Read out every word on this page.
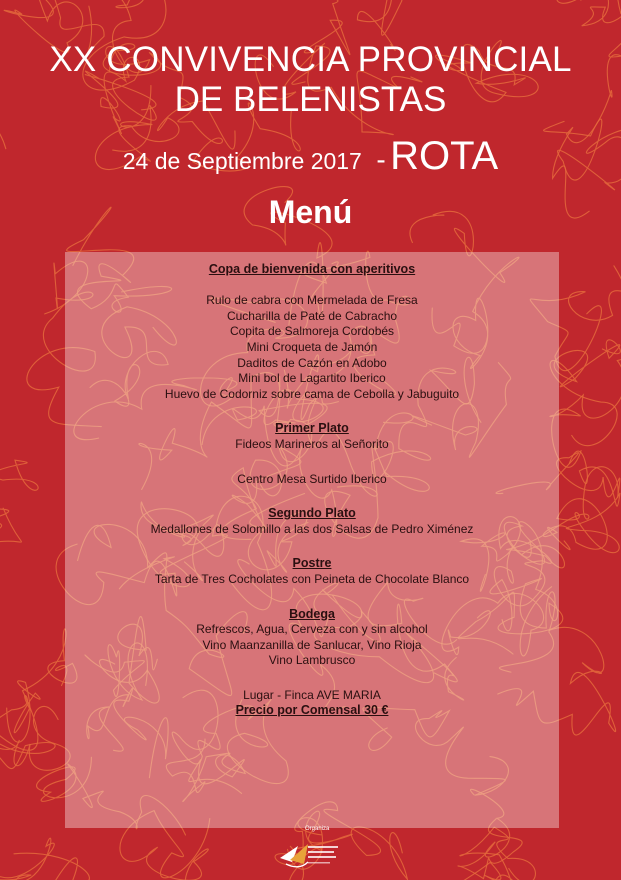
XX CONVIVENCIA PROVINCIAL
DE BELENISTAS
24 de Septiembre 2017 - ROTA
Menú
Copa de bienvenida con aperitivos
Rulo de cabra con Mermelada de Fresa
Cucharilla de Paté de Cabracho
Copita de Salmoreja Cordobés
Mini Croqueta de Jamón
Daditos de Cazón en Adobo
Mini bol de Lagartito Iberico
Huevo de Codorniz sobre cama de Cebolla y Jabuguito
Primer Plato
Fideos Marineros al Señorito
Centro Mesa Surtido Iberico
Segundo Plato
Medallones de Solomillo a las dos Salsas de Pedro Ximénez
Postre
Tarta de Tres Cocholates con Peineta de Chocolate Blanco
Bodega
Refrescos, Agua, Cerveza con y sin alcohol
Vino Maanzanilla de Sanlucar, Vino Rioja
Vino Lambrusco
Lugar - Finca AVE MARIA
Precio por Comensal 30 €
Organiza
